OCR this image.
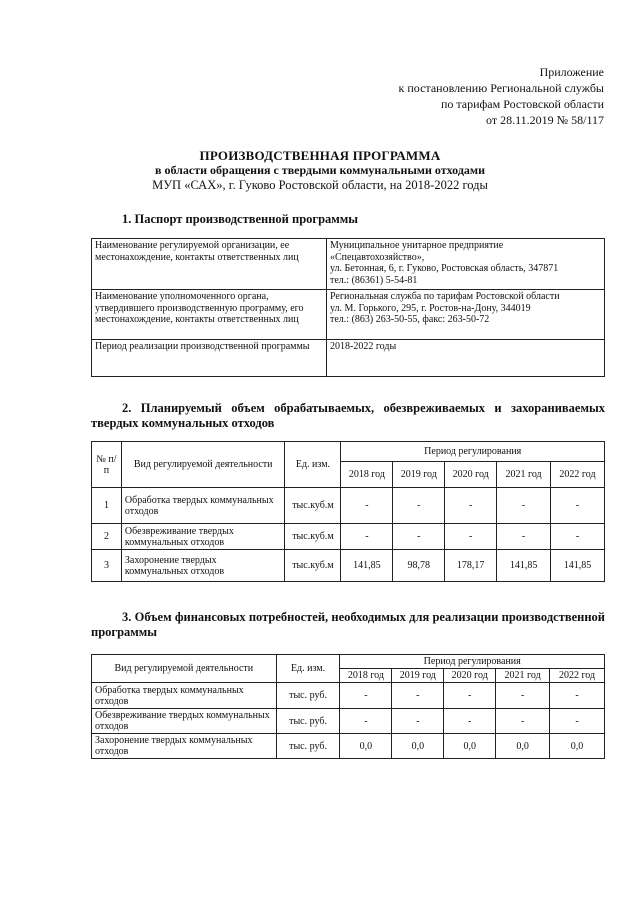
Приложение
к постановлению Региональной службы
по тарифам Ростовской области
от 28.11.2019 № 58/117
ПРОИЗВОДСТВЕННАЯ ПРОГРАММА
в области обращения с твердыми коммунальными отходами
МУП «САХ», г. Гуково Ростовской области, на 2018-2022 годы
1. Паспорт производственной программы
Наименование регулируемой организации, ее местонахождение, контакты ответственных лиц	Муниципальное унитарное предприятие
«Спецавтохозяйство»,
ул. Бетонная, 6, г. Гуково, Ростовская область, 347871
тел.: (86361) 5-54-81

Наименование уполномоченного органа, утвердившего производственную программу, его местонахождение, контакты ответственных лиц	Региональная служба по тарифам Ростовской области
ул. М. Горького, 295, г. Ростов-на-Дону, 344019
тел.: (863) 263-50-55, факс: 263-50-72

Период реализации производственной программы	2018-2022 годы
2. Планируемый объем обрабатываемых, обезвреживаемых и захораниваемых твердых коммунальных отходов
№ п/п	Вид регулируемой деятельности	Ед. изм.	Период регулирования				
			2018 год	2019 год	2020 год	2021 год	2022 год
1	Обработка твердых коммунальных отходов	тыс.куб.м	-	-	-	-	-
2	Обезвреживание твердых коммунальных отходов	тыс.куб.м	-	-	-	-	-
3	Захоронение твердых коммунальных отходов	тыс.куб.м	141,85	98,78	178,17	141,85	141,85
3. Объем финансовых потребностей, необходимых для реализации производственной программы
Вид регулируемой деятельности	Ед. изм.	Период регулирования				
		2018 год	2019 год	2020 год	2021 год	2022 год
Обработка твердых коммунальных отходов	тыс. руб.	-	-	-	-	-
Обезвреживание твердых коммунальных отходов	тыс. руб.	-	-	-	-	-
Захоронение твердых коммунальных отходов	тыс. руб.	0,0	0,0	0,0	0,0	0,0
